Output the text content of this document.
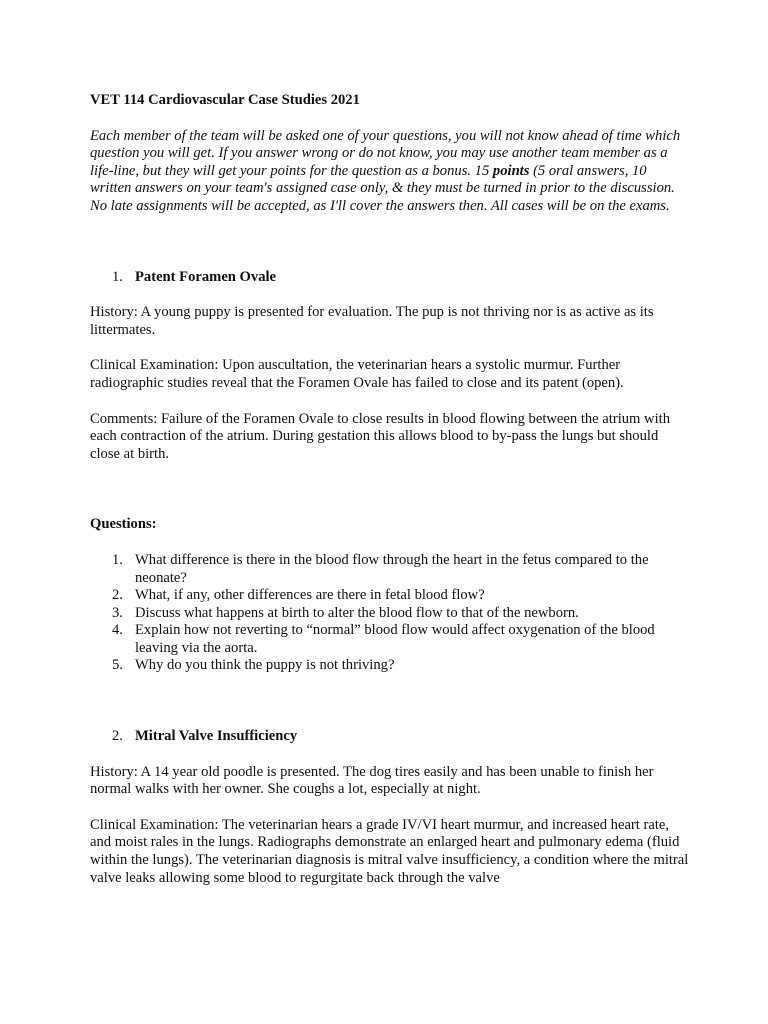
VET 114 Cardiovascular Case Studies 2021

Each member of the team will be asked one of your questions, you will not know ahead of time which question you will get. If you answer wrong or do not know, you may use another team member as a life-line, but they will get your points for the question as a bonus. 15 points (5 oral answers, 10 written answers on your team's assigned case only, & they must be turned in prior to the discussion. No late assignments will be accepted, as I'll cover the answers then. All cases will be on the exams.

1. Patent Foramen Ovale

History: A young puppy is presented for evaluation. The pup is not thriving nor is as active as its littermates.

Clinical Examination: Upon auscultation, the veterinarian hears a systolic murmur. Further radiographic studies reveal that the Foramen Ovale has failed to close and its patent (open).

Comments: Failure of the Foramen Ovale to close results in blood flowing between the atrium with each contraction of the atrium. During gestation this allows blood to by-pass the lungs but should close at birth.

Questions:

1. What difference is there in the blood flow through the heart in the fetus compared to the neonate?
2. What, if any, other differences are there in fetal blood flow?
3. Discuss what happens at birth to alter the blood flow to that of the newborn.
4. Explain how not reverting to “normal” blood flow would affect oxygenation of the blood leaving via the aorta.
5. Why do you think the puppy is not thriving?
2. Mitral Valve Insufficiency

History: A 14 year old poodle is presented. The dog tires easily and has been unable to finish her normal walks with her owner. She coughs a lot, especially at night.

Clinical Examination: The veterinarian hears a grade IV/VI heart murmur, and increased heart rate, and moist rales in the lungs. Radiographs demonstrate an enlarged heart and pulmonary edema (fluid within the lungs). The veterinarian diagnosis is mitral valve insufficiency, a condition where the mitral valve leaks allowing some blood to regurgitate back through the valve
